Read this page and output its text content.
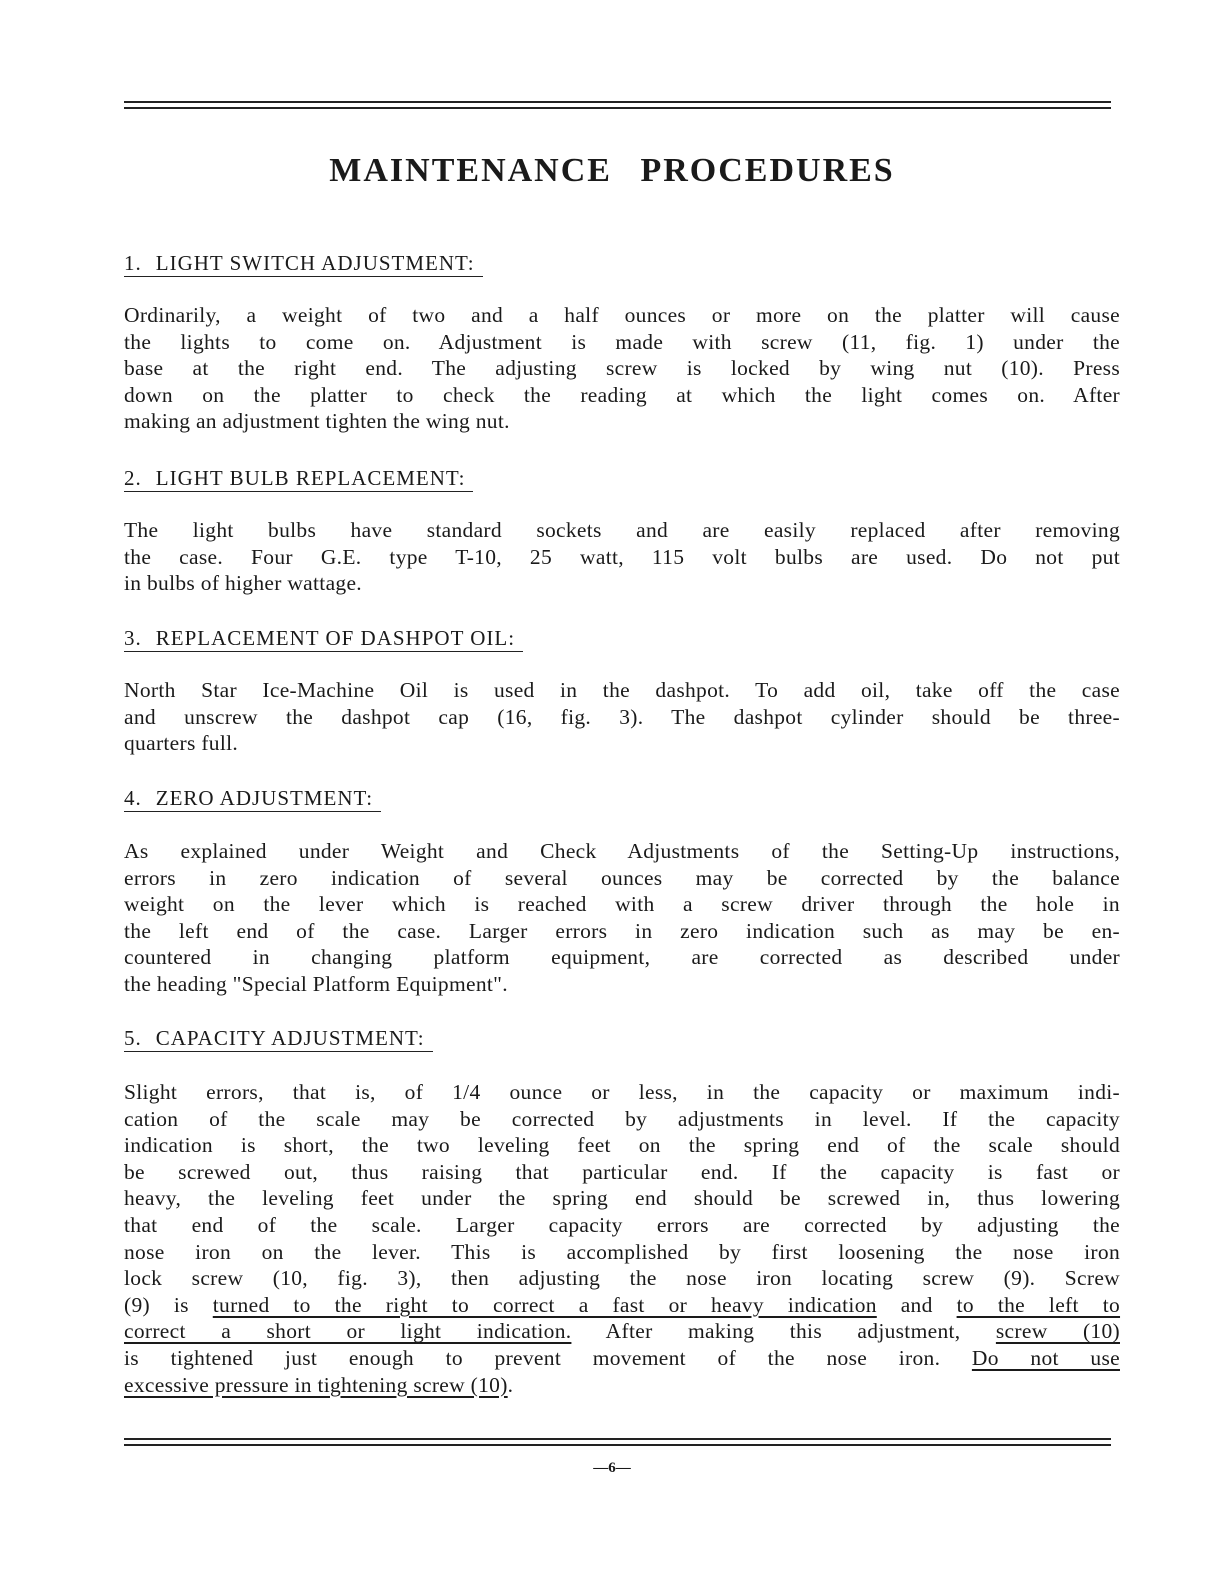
MAINTENANCE PROCEDURES
1. LIGHT SWITCH ADJUSTMENT:
Ordinarily, a weight of two and a half ounces or more on the platter will cause
the lights to come on. Adjustment is made with screw (11, fig. 1) under the
base at the right end. The adjusting screw is locked by wing nut (10). Press
down on the platter to check the reading at which the light comes on. After
making an adjustment tighten the wing nut.
2. LIGHT BULB REPLACEMENT:
The light bulbs have standard sockets and are easily replaced after removing
the case. Four G.E. type T-10, 25 watt, 115 volt bulbs are used. Do not put
in bulbs of higher wattage.
3. REPLACEMENT OF DASHPOT OIL:
North Star Ice-Machine Oil is used in the dashpot. To add oil, take off the case
and unscrew the dashpot cap (16, fig. 3). The dashpot cylinder should be three-
quarters full.
4. ZERO ADJUSTMENT:
As explained under Weight and Check Adjustments of the Setting-Up instructions,
errors in zero indication of several ounces may be corrected by the balance
weight on the lever which is reached with a screw driver through the hole in
the left end of the case. Larger errors in zero indication such as may be en-
countered in changing platform equipment, are corrected as described under
the heading "Special Platform Equipment".
5. CAPACITY ADJUSTMENT:
Slight errors, that is, of 1/4 ounce or less, in the capacity or maximum indi-
cation of the scale may be corrected by adjustments in level. If the capacity
indication is short, the two leveling feet on the spring end of the scale should
be screwed out, thus raising that particular end. If the capacity is fast or
heavy, the leveling feet under the spring end should be screwed in, thus lowering
that end of the scale. Larger capacity errors are corrected by adjusting the
nose iron on the lever. This is accomplished by first loosening the nose iron
lock screw (10, fig. 3), then adjusting the nose iron locating screw (9). Screw
(9) is turned to the right to correct a fast or heavy indication and to the left to
correct a short or light indication. After making this adjustment, screw (10)
is tightened just enough to prevent movement of the nose iron. Do not use
excessive pressure in tightening screw (10).
—6—
